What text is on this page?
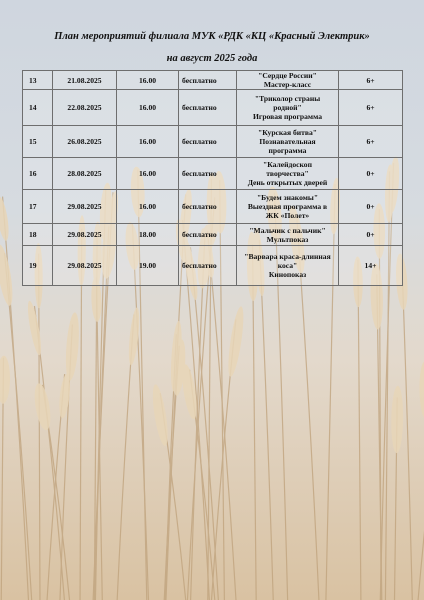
План мероприятий филиала МУК «РДК «КЦ «Красный Электрик»
на август 2025 года
13	21.08.2025	16.00	бесплатно	"Сердце России"
Мастер-класс	6+
14	22.08.2025	16.00	бесплатно	"Триколор страны
родной"
Игровая программа	6+
15	26.08.2025	16.00	бесплатно	"Курская битва"
Познавательная
программа	6+
16	28.08.2025	16.00	бесплатно	"Калейдоскоп
творчества"
День открытых дверей	0+
17	29.08.2025	16.00	бесплатно	"Будем знакомы"
Выездная программа в
ЖК «Полет»	0+
18	29.08.2025	18.00	бесплатно	"Мальчик с пальчик"
Мультпоказ	0+
19	29.08.2025	19.00	бесплатно	"Варвара краса-длинная
коса"
Кинопоказ	14+
